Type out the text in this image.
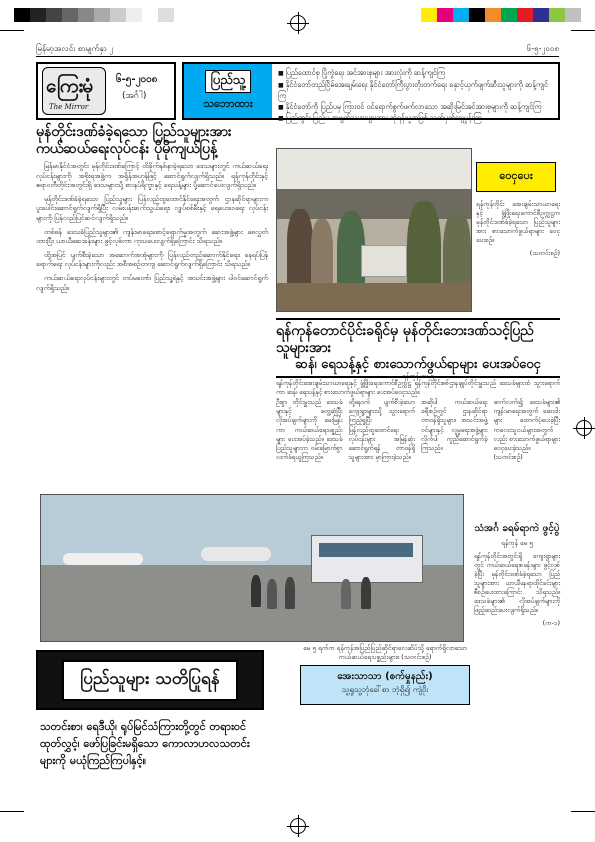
မြန်မာ့အလင်း စာမျက်နှာ ၂	၆-၅-၂၀၀၈
ကြေးမုံ
The Mirror
၆-၅-၂၀၀၈
(အင်္ဂါ)
ပြည်သူ့
သဘောထား
■ ပြည်ထောင်စု ပြိုကွဲရေး အင်အားစုများ အားလုံးကို ဆန့်ကျင်ကြ
■ နိုင်ငံတော်တည်ငြိမ်အေးချမ်းရေး နိုင်ငံတော်ကြီးပွားတိုးတက်ရေး နှောင့်ယှက်ဖျက်ဆီးသူများကို ဆန့်ကျင်ကြ
■ နိုင်ငံတော်ကို ပြည်ပမှ ကြားဝင် ဝင်ရောက်စွက်ဖက်လာသော အဆိုးမြင်အင်အားစုများကို ဆန့်ကျင်ကြ
■ ပြည်တွင်း ပြည်ပ အဖျက်သမားများအား ဘုံရန်သူအဖြစ် သတ်မှတ်ချေမှုန်းကြ
မုန်တိုင်းဒဏ်ခံခဲ့ရသော ပြည်သူများအား ကယ်ဆယ်ရေးလုပ်ငန်း ပိုမိုကျယ်ပြန့်

မြန်မာနိုင်ငံအတွင်း မုန်တိုင်းဒဏ်ကြောင့် ထိခိုက်နစ်နာခဲ့ရသော ဒေသများတွင် ကယ်ဆယ်ရေးလုပ်ငန်းများကို အစိုးရအဖွဲ့က အရှိန်အဟုန်ဖြင့် ဆောင်ရွက်လျက်ရှိသည်။ ရန်ကုန်တိုင်းနှင့် ဧရာဝတီတိုင်းအတွင်းရှိ ဒေသများသို့ စားနပ်ရိက္ခာနှင့် ရေသန့်များ ပို့ဆောင်ပေးလျက်ရှိသည်။

မုန်တိုင်းဒဏ်ခံခဲ့ရသော ပြည်သူများ ပြန်လည်ထူထောင်နိုင်ရေးအတွက် ဌာနဆိုင်ရာများက ပူးပေါင်းဆောင်ရွက်လျက်ရှိပြီး လမ်းပန်းဆက်သွယ်ရေး၊ လျှပ်စစ်မီးနှင့် ရေပေးဝေရေး လုပ်ငန်းများကို ပြန်လည်ပြင်ဆင်လျက်ရှိသည်။

တစ်ဖန် ဒေသခံပြည်သူများ၏ ကျန်းမာရေးစောင့်ရှောက်မှုအတွက် ဆေးအဖွဲ့များ စေလွှတ်ထားပြီး ယာယီဆေးခန်းများ ဖွင့်လှစ်ကာ ကုသပေးလျက်ရှိကြောင်း သိရသည်။

ထို့အပြင် ပျက်စီးခဲ့သော အဆောက်အအုံများကို ပြန်လည်တည်ဆောက်နိုင်ရေး၊ နေရပ်ပြန်ရောက်ရေး လုပ်ငန်းများကိုလည်း အစီအစဉ်တကျ ဆောင်ရွက်လျက်ရှိကြောင်း သိရသည်။

ကယ်ဆယ်ရေးလုပ်ငန်းများတွင် တပ်မတော်၊ ပြည်သူ့ရဲနှင့် အသင်းအဖွဲ့များ ပါဝင်ဆောင်ရွက်လျက်ရှိသည်။

ဝေငှပေး
ရန်ကုန်တိုင်း အေးချမ်းသာယာရေးနှင့် ဖွံ့ဖြိုးရေးကောင်စီဥက္ကဋ္ဌက မုန်တိုင်းဒဏ်ခံခဲ့ရသော ပြည်သူများအား စားသောက်ဖွယ်ရာများ ဝေငှပေးစဉ်။
(သတင်းစဉ်)
ရန်ကုန်တောင်ပိုင်းခရိုင်မှ မုန်တိုင်းဘေးဒဏ်သင့်ပြည်သူများအား
ဆန်၊ ရေသန့်နှင့် စားသောက်ဖွယ်ရာများ ပေးအပ်ဝေငှ
ရန်ကုန် မေ ၅
ရန်ကုန်တိုင်းအေးချမ်းသာယာရေးနှင့် ဖွံ့ဖြိုးရေးကောင်စီဥက္ကဋ္ဌ ရန်ကုန်တိုင်းစစ်ဌာနချုပ်တိုင်းမှူးသည် ဒေသခံများထံ သွားရောက်ကာ ဆန်၊ ရေသန့်နှင့် စားသောက်ဖွယ်ရာများ ပေးအပ်ဝေငှသည်။
ဦးစွာ တိုင်းမှူးသည် ဒေသခံများနှင့် တွေ့ဆုံပြီး လိုအပ်ချက်များကို မေးမြန်းကာ ကယ်ဆယ်ရေးပစ္စည်းများ ပေးအပ်ခဲ့သည်။ ဒေသခံပြည်သူများက ဝမ်းမြောက်စွာ လက်ခံရယူကြသည်။
ထို့နောက် ပျက်စီးခဲ့သော ကျေးရွာများသို့ သွားရောက်ကြည့်ရှုပြီး ပြန်လည်ထူထောင်ရေးလုပ်ငန်းများ အမြန်ဆုံးဆောင်ရွက်ရန် တာဝန်ရှိသူများအား မှာကြားခဲ့သည်။
အဆိုပါ ကယ်ဆယ်ရေးခရီးစဉ်တွင် ဌာနဆိုင်ရာ တာဝန်ရှိသူများ၊ အသင်းအဖွဲ့ဝင်များနှင့် လူမှုရေးအဖွဲ့များ လိုက်ပါ ကူညီဆောင်ရွက်ခဲ့ကြသည်။
ဆက်လက်၍ ဒေသခံများ၏ ကျန်းမာရေးအတွက် ဆေးဝါးများ ထောက်ပံ့ပေးခဲ့ပြီး ကလေးသူငယ်များအတွက်လည်း စားသောက်ဖွယ်ရာများ ဝေငှပေးခဲ့သည်။ (သတင်းစဉ်)
မေ ၅ ရက်က ရန်ကုန်အပြည်ပြည်ဆိုင်ရာလေဆိပ်သို့ ရောက်ရှိလာသော ကယ်ဆယ်ရေးပစ္စည်းများ။ (သတင်းစဉ်)
သံအင်္ဂ ခရမ်ရာကဲ ဖွင့်ပွဲ
ရန်ကုန် မေ ၅
ရန်ကုန်တိုင်းအတွင်းရှိ ကျေးရွာများတွင် ကယ်ဆယ်ရေးစခန်းများ ဖွင့်လှစ်ခဲ့ပြီး မုန်တိုင်းဒဏ်ခံခဲ့ရသော ပြည်သူများအား ယာယီနေရာထိုင်ခင်းများ စီစဉ်ပေးထားကြောင်း သိရသည်။ ဒေသခံများ၏ လိုအပ်ချက်များကို ဖြည့်ဆည်းပေးလျက်ရှိသည်။
(က-၁)
ပြည်သူများ သတိပြုရန်
သတင်းစာ၊ ရေဒီယို၊ ရုပ်မြင်သံကြားတို့တွင် တရားဝင် ထုတ်လွှင့်၊ ဖော်ပြခြင်းမရှိသော ကောလာဟလသတင်းများကို မယုံကြည်ကြပါနှင့်။
အေးသာသာ (စက်မှုနည်း)
သူ့ရှုသူ့ဘုံခေါ်စာ ဘဲ့ရှိ၍ ကျဲဝိုး
